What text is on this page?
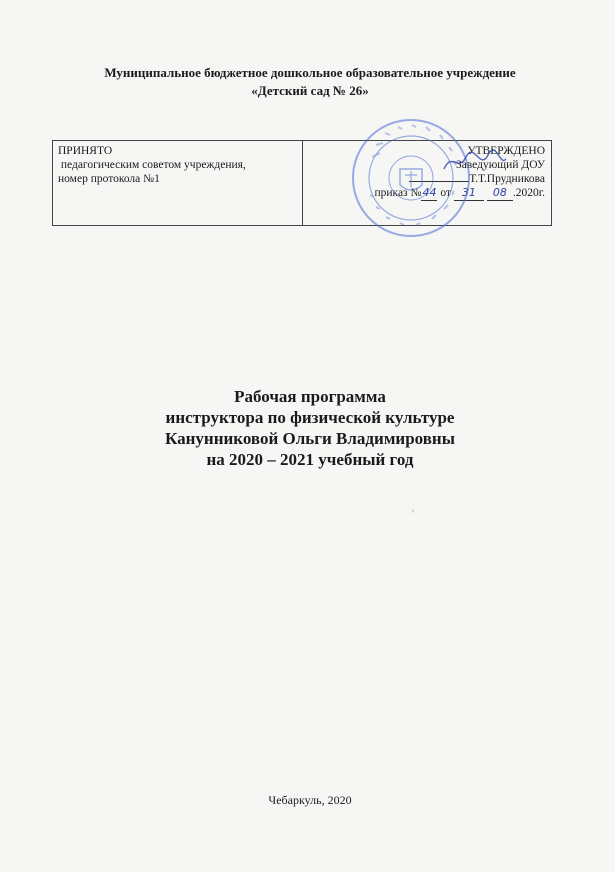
Муниципальное бюджетное дошкольное образовательное учреждение
«Детский сад № 26»
ПРИНЯТО
педагогическим советом учреждения,
номер протокола №1
УТВЕРЖДЕНО
Заведующий ДОУ
Т.Т.Прудникова
приказ №44 от 31 08 .2020г.
Рабочая программа
инструктора по физической культуре
Канунниковой Ольги Владимировны
на 2020 – 2021 учебный год
ᵞ
Чебаркуль, 2020
